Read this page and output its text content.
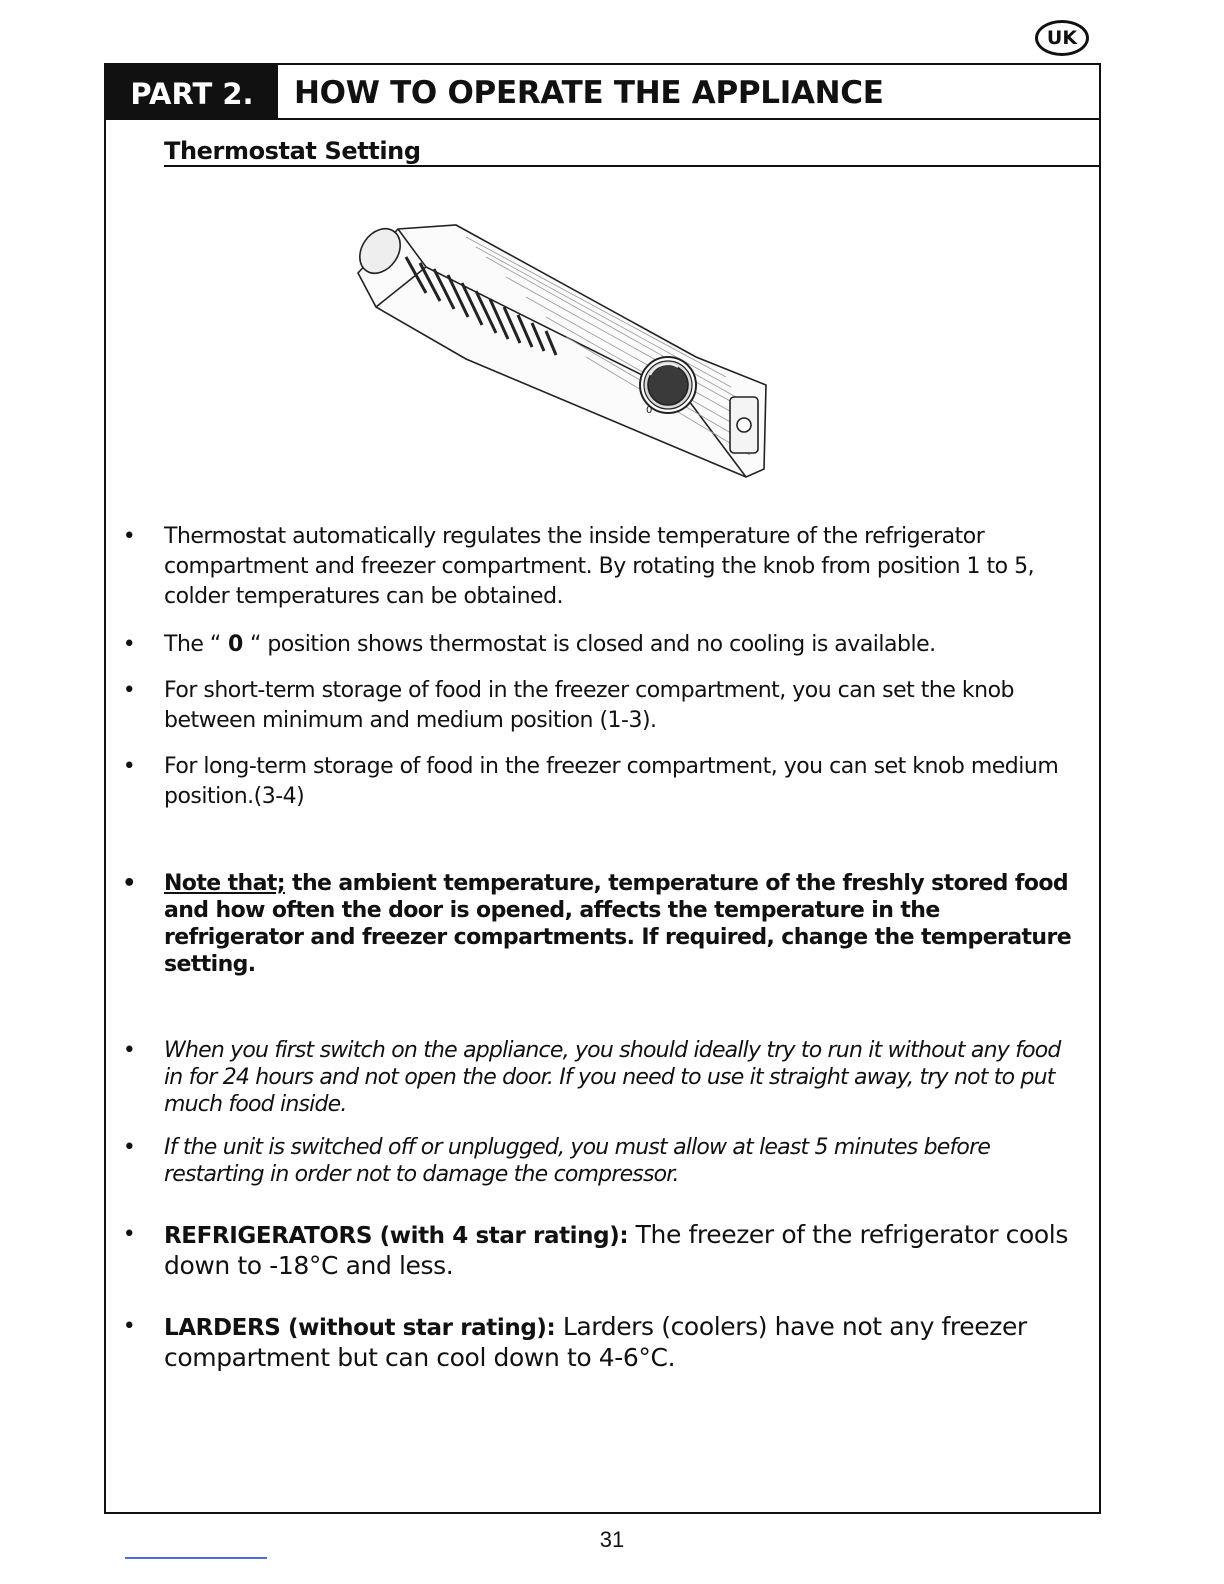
UK
PART 2.	HOW TO OPERATE THE APPLIANCE
Thermostat Setting
0
• Thermostat automatically regulates the inside temperature of the refrigerator compartment and freezer compartment. By rotating the knob from position 1 to 5, colder temperatures can be obtained.
• The “ 0 “ position shows thermostat is closed and no cooling is available.
• For short-term storage of food in the freezer compartment, you can set the knob between minimum and medium position (1-3).
• For long-term storage of food in the freezer compartment, you can set knob medium position.(3-4)
• Note that; the ambient temperature, temperature of the freshly stored food and how often the door is opened, affects the temperature in the refrigerator and freezer compartments. If required, change the temperature setting.
• When you first switch on the appliance, you should ideally try to run it without any food in for 24 hours and not open the door. If you need to use it straight away, try not to put much food inside.
• If the unit is switched off or unplugged, you must allow at least 5 minutes before restarting in order not to damage the compressor.
• REFRIGERATORS (with 4 star rating): The freezer of the refrigerator cools down to -18°C and less.
• LARDERS (without star rating): Larders (coolers) have not any freezer compartment but can cool down to 4-6°C.
31
